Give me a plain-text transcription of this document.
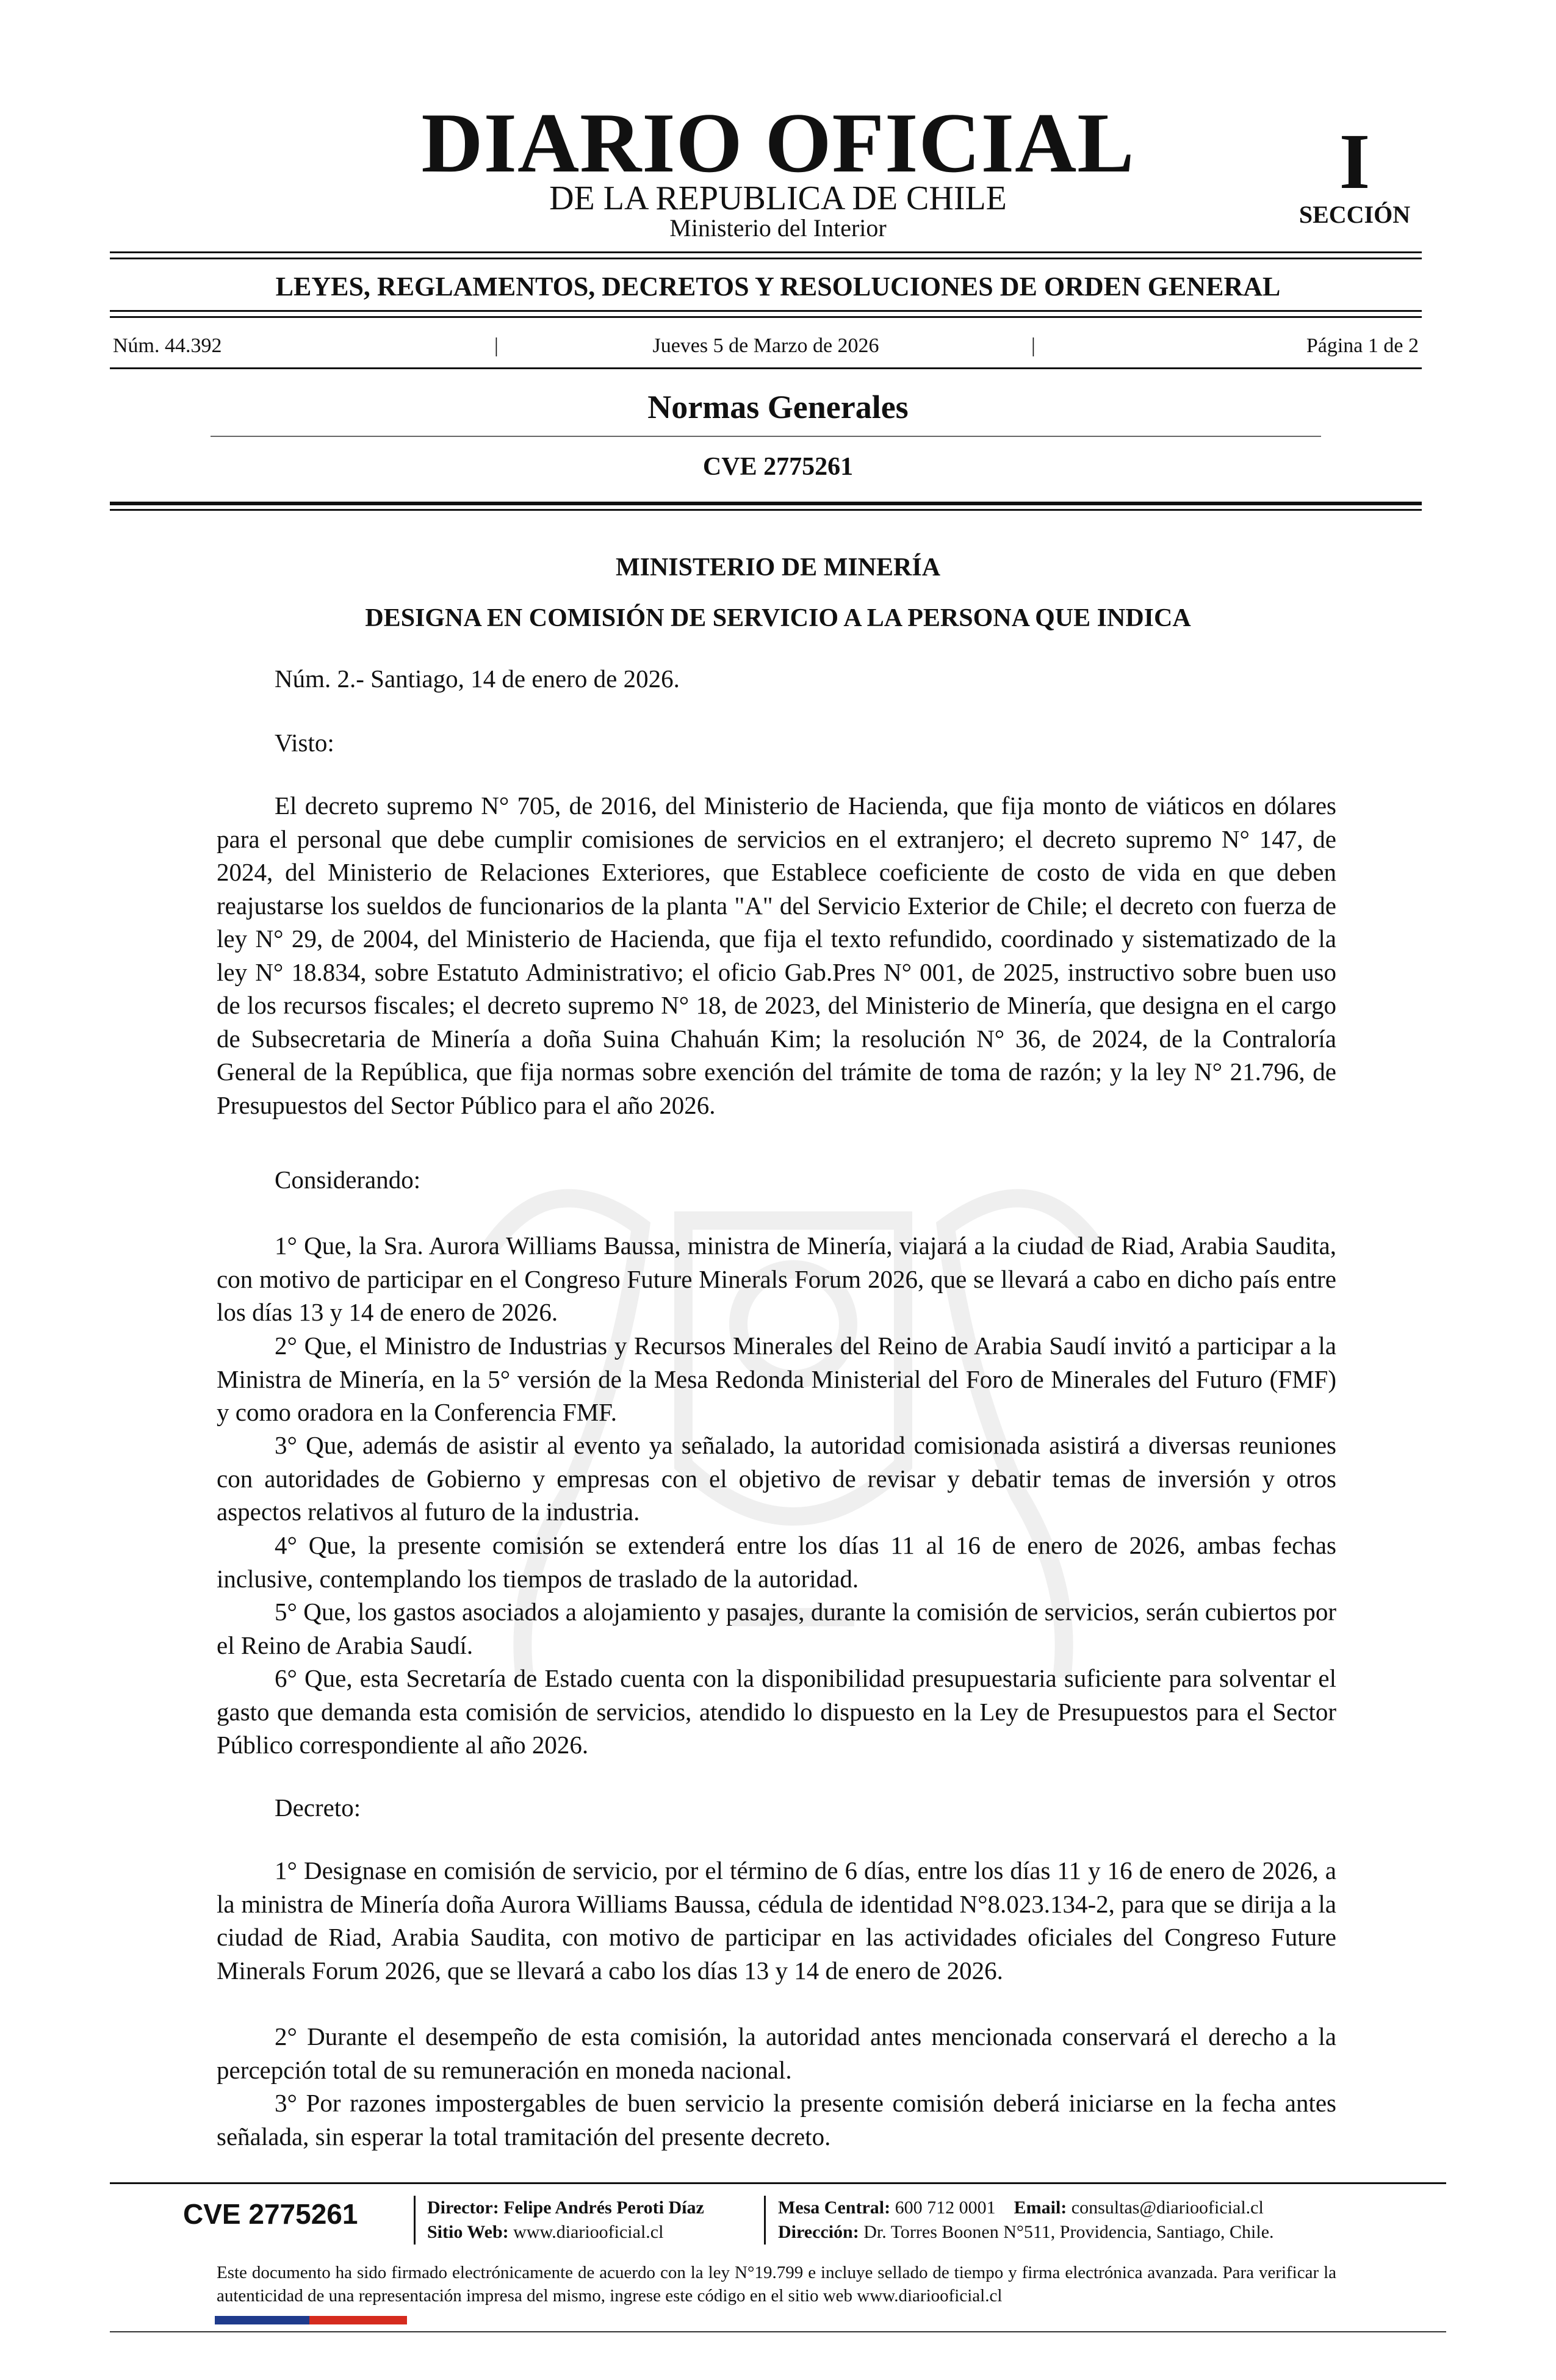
DIARIO OFICIAL
DE LA REPUBLICA DE CHILE
Ministerio del Interior
I
SECCIÓN
LEYES, REGLAMENTOS, DECRETOS Y RESOLUCIONES DE ORDEN GENERAL
Jueves 5 de Marzo de 2026
Núm. 44.392	|	|	Página 1 de 2
Normas Generales
CVE 2775261
MINISTERIO DE MINERÍA
DESIGNA EN COMISIÓN DE SERVICIO A LA PERSONA QUE INDICA
Núm. 2.- Santiago, 14 de enero de 2026.
Visto:
El decreto supremo N° 705, de 2016, del Ministerio de Hacienda, que fija monto de viáticos en dólares para el personal que debe cumplir comisiones de servicios en el extranjero; el decreto supremo N° 147, de 2024, del Ministerio de Relaciones Exteriores, que Establece coeficiente de costo de vida en que deben reajustarse los sueldos de funcionarios de la planta "A" del Servicio Exterior de Chile; el decreto con fuerza de ley N° 29, de 2004, del Ministerio de Hacienda, que fija el texto refundido, coordinado y sistematizado de la ley N° 18.834, sobre Estatuto Administrativo; el oficio Gab.Pres N° 001, de 2025, instructivo sobre buen uso de los recursos fiscales; el decreto supremo N° 18, de 2023, del Ministerio de Minería, que designa en el cargo de Subsecretaria de Minería a doña Suina Chahuán Kim; la resolución N° 36, de 2024, de la Contraloría General de la República, que fija normas sobre exención del trámite de toma de razón; y la ley N° 21.796, de Presupuestos del Sector Público para el año 2026.
Considerando:
1° Que, la Sra. Aurora Williams Baussa, ministra de Minería, viajará a la ciudad de Riad, Arabia Saudita, con motivo de participar en el Congreso Future Minerals Forum 2026, que se llevará a cabo en dicho país entre los días 13 y 14 de enero de 2026.
2° Que, el Ministro de Industrias y Recursos Minerales del Reino de Arabia Saudí invitó a participar a la Ministra de Minería, en la 5° versión de la Mesa Redonda Ministerial del Foro de Minerales del Futuro (FMF) y como oradora en la Conferencia FMF.
3° Que, además de asistir al evento ya señalado, la autoridad comisionada asistirá a diversas reuniones con autoridades de Gobierno y empresas con el objetivo de revisar y debatir temas de inversión y otros aspectos relativos al futuro de la industria.
4° Que, la presente comisión se extenderá entre los días 11 al 16 de enero de 2026, ambas fechas inclusive, contemplando los tiempos de traslado de la autoridad.
5° Que, los gastos asociados a alojamiento y pasajes, durante la comisión de servicios, serán cubiertos por el Reino de Arabia Saudí.
6° Que, esta Secretaría de Estado cuenta con la disponibilidad presupuestaria suficiente para solventar el gasto que demanda esta comisión de servicios, atendido lo dispuesto en la Ley de Presupuestos para el Sector Público correspondiente al año 2026.
Decreto:
1° Designase en comisión de servicio, por el término de 6 días, entre los días 11 y 16 de enero de 2026, a la ministra de Minería doña Aurora Williams Baussa, cédula de identidad N°8.023.134-2, para que se dirija a la ciudad de Riad, Arabia Saudita, con motivo de participar en las actividades oficiales del Congreso Future Minerals Forum 2026, que se llevará a cabo los días 13 y 14 de enero de 2026.
2° Durante el desempeño de esta comisión, la autoridad antes mencionada conservará el derecho a la percepción total de su remuneración en moneda nacional.
3° Por razones impostergables de buen servicio la presente comisión deberá iniciarse en la fecha antes señalada, sin esperar la total tramitación del presente decreto.
CVE 2775261	Director: Felipe Andrés Peroti Díaz
Sitio Web: www.diariooficial.cl
Mesa Central: 600 712 0001 Email: consultas@diariooficial.cl
Dirección: Dr. Torres Boonen N°511, Providencia, Santiago, Chile.
Este documento ha sido firmado electrónicamente de acuerdo con la ley N°19.799 e incluye sellado de tiempo y firma electrónica avanzada. Para verificar la autenticidad de una representación impresa del mismo, ingrese este código en el sitio web www.diariooficial.cl
